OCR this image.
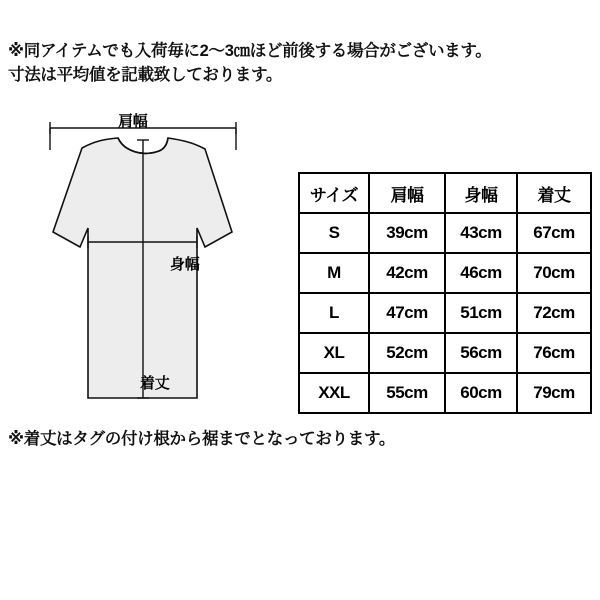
※同アイテムでも入荷毎に2〜3㎝ほど前後する場合がございます。
寸法は平均値を記載致しております。
肩幅
身幅
着丈
サイズ	肩幅	身幅	着丈
S	39cm	43cm	67cm
M	42cm	46cm	70cm
L	47cm	51cm	72cm
XL	52cm	56cm	76cm
XXL	55cm	60cm	79cm
※着丈はタグの付け根から裾までとなっております。
